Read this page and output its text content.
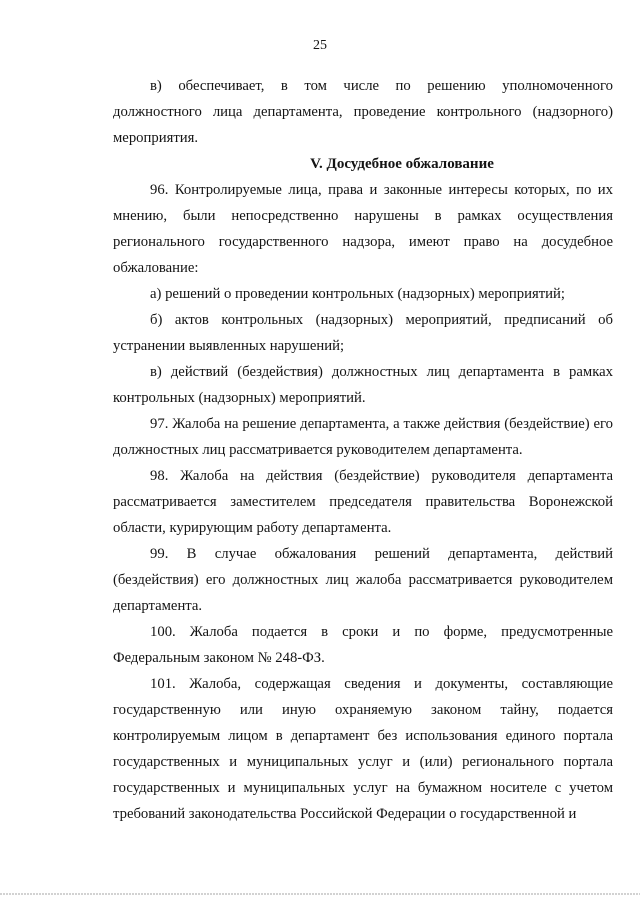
25

в) обеспечивает, в том числе по решению уполномоченного должностного лица департамента, проведение контрольного (надзорного) мероприятия.

V. Досудебное обжалование

96. Контролируемые лица, права и законные интересы которых, по их мнению, были непосредственно нарушены в рамках осуществления регионального государственного надзора, имеют право на досудебное обжалование:

а) решений о проведении контрольных (надзорных) мероприятий;

б) актов контрольных (надзорных) мероприятий, предписаний об устранении выявленных нарушений;

в) действий (бездействия) должностных лиц департамента в рамках контрольных (надзорных) мероприятий.

97. Жалоба на решение департамента, а также действия (бездействие) его должностных лиц рассматривается руководителем департамента.

98. Жалоба на действия (бездействие) руководителя департамента рассматривается заместителем председателя правительства Воронежской области, курирующим работу департамента.

99. В случае обжалования решений департамента, действий (бездействия) его должностных лиц жалоба рассматривается руководителем департамента.

100. Жалоба подается в сроки и по форме, предусмотренные Федеральным законом № 248-ФЗ.

101. Жалоба, содержащая сведения и документы, составляющие государственную или иную охраняемую законом тайну, подается контролируемым лицом в департамент без использования единого портала государственных и муниципальных услуг и (или) регионального портала государственных и муниципальных услуг на бумажном носителе с учетом требований законодательства Российской Федерации о государственной и
